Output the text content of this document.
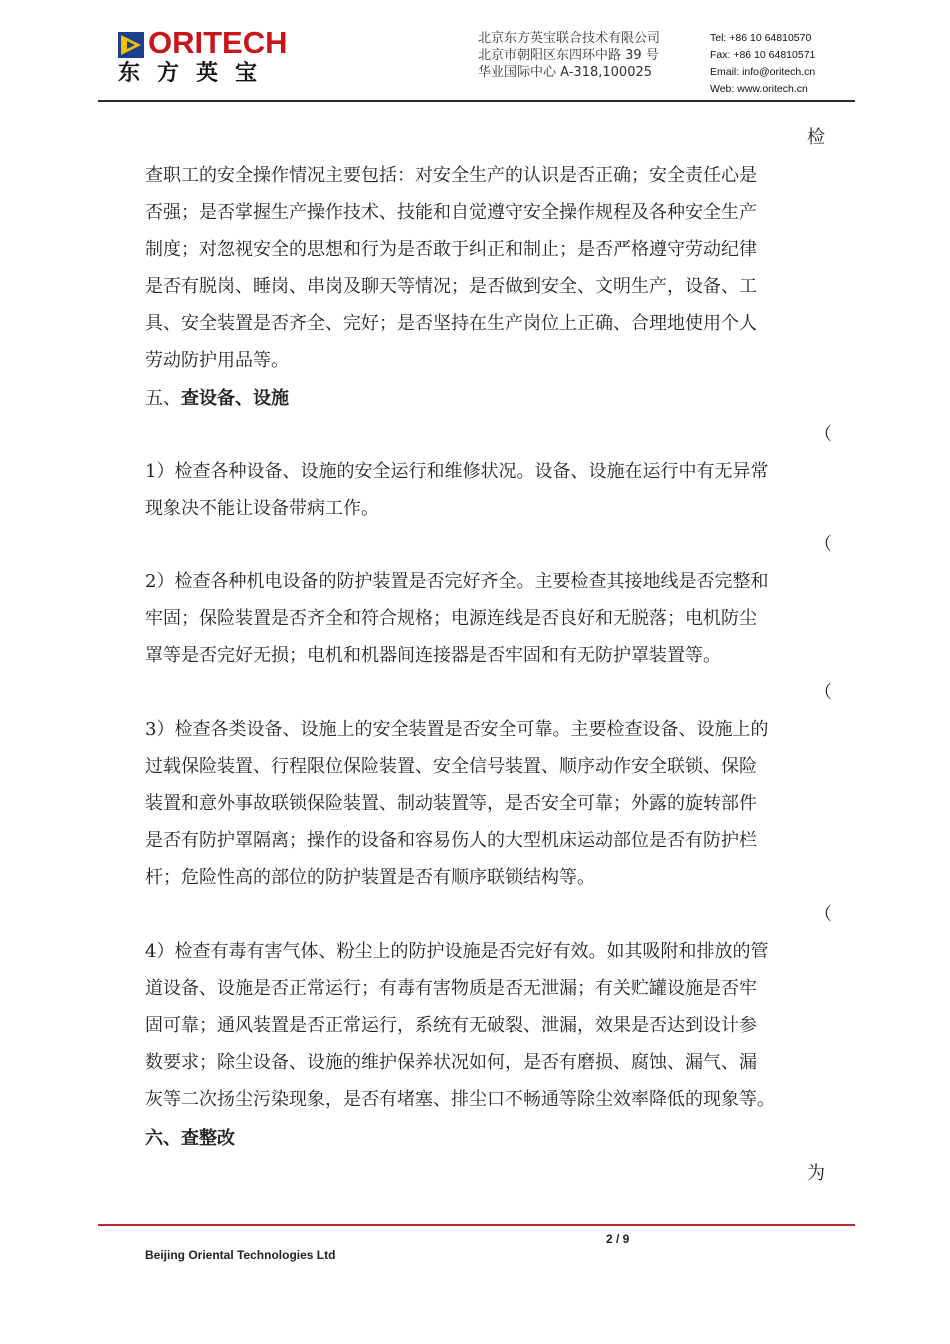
ORITECH
东方英宝
北京东方英宝联合技术有限公司
北京市朝阳区东四环中路 39 号
华业国际中心 A-318,100025
Tel: +86 10 64810570
Fax: +86 10 64810571
Email: info@oritech.cn
Web: www.oritech.cn
检
查职工的安全操作情况主要包括：对安全生产的认识是否正确；安全责任心是
否强；是否掌握生产操作技术、技能和自觉遵守安全操作规程及各种安全生产
制度；对忽视安全的思想和行为是否敢于纠正和制止；是否严格遵守劳动纪律
是否有脱岗、睡岗、串岗及聊天等情况；是否做到安全、文明生产，设备、工
具、安全装置是否齐全、完好；是否坚持在生产岗位上正确、合理地使用个人
劳动防护用品等。
五、查设备、设施
（
1）检查各种设备、设施的安全运行和维修状况。设备、设施在运行中有无异常
现象决不能让设备带病工作。
（
2）检查各种机电设备的防护装置是否完好齐全。主要检查其接地线是否完整和
牢固；保险装置是否齐全和符合规格；电源连线是否良好和无脱落；电机防尘
罩等是否完好无损；电机和机器间连接器是否牢固和有无防护罩装置等。
（
3）检查各类设备、设施上的安全装置是否安全可靠。主要检查设备、设施上的
过载保险装置、行程限位保险装置、安全信号装置、顺序动作安全联锁、保险
装置和意外事故联锁保险装置、制动装置等，是否安全可靠；外露的旋转部件
是否有防护罩隔离；操作的设备和容易伤人的大型机床运动部位是否有防护栏
杆；危险性高的部位的防护装置是否有顺序联锁结构等。
（
4）检查有毒有害气体、粉尘上的防护设施是否完好有效。如其吸附和排放的管
道设备、设施是否正常运行；有毒有害物质是否无泄漏；有关贮罐设施是否牢
固可靠；通风装置是否正常运行，系统有无破裂、泄漏，效果是否达到设计参
数要求；除尘设备、设施的维护保养状况如何，是否有磨损、腐蚀、漏气、漏
灰等二次扬尘污染现象，是否有堵塞、排尘口不畅通等除尘效率降低的现象等。
六、查整改
为
2 / 9
Beijing Oriental Technologies Ltd
